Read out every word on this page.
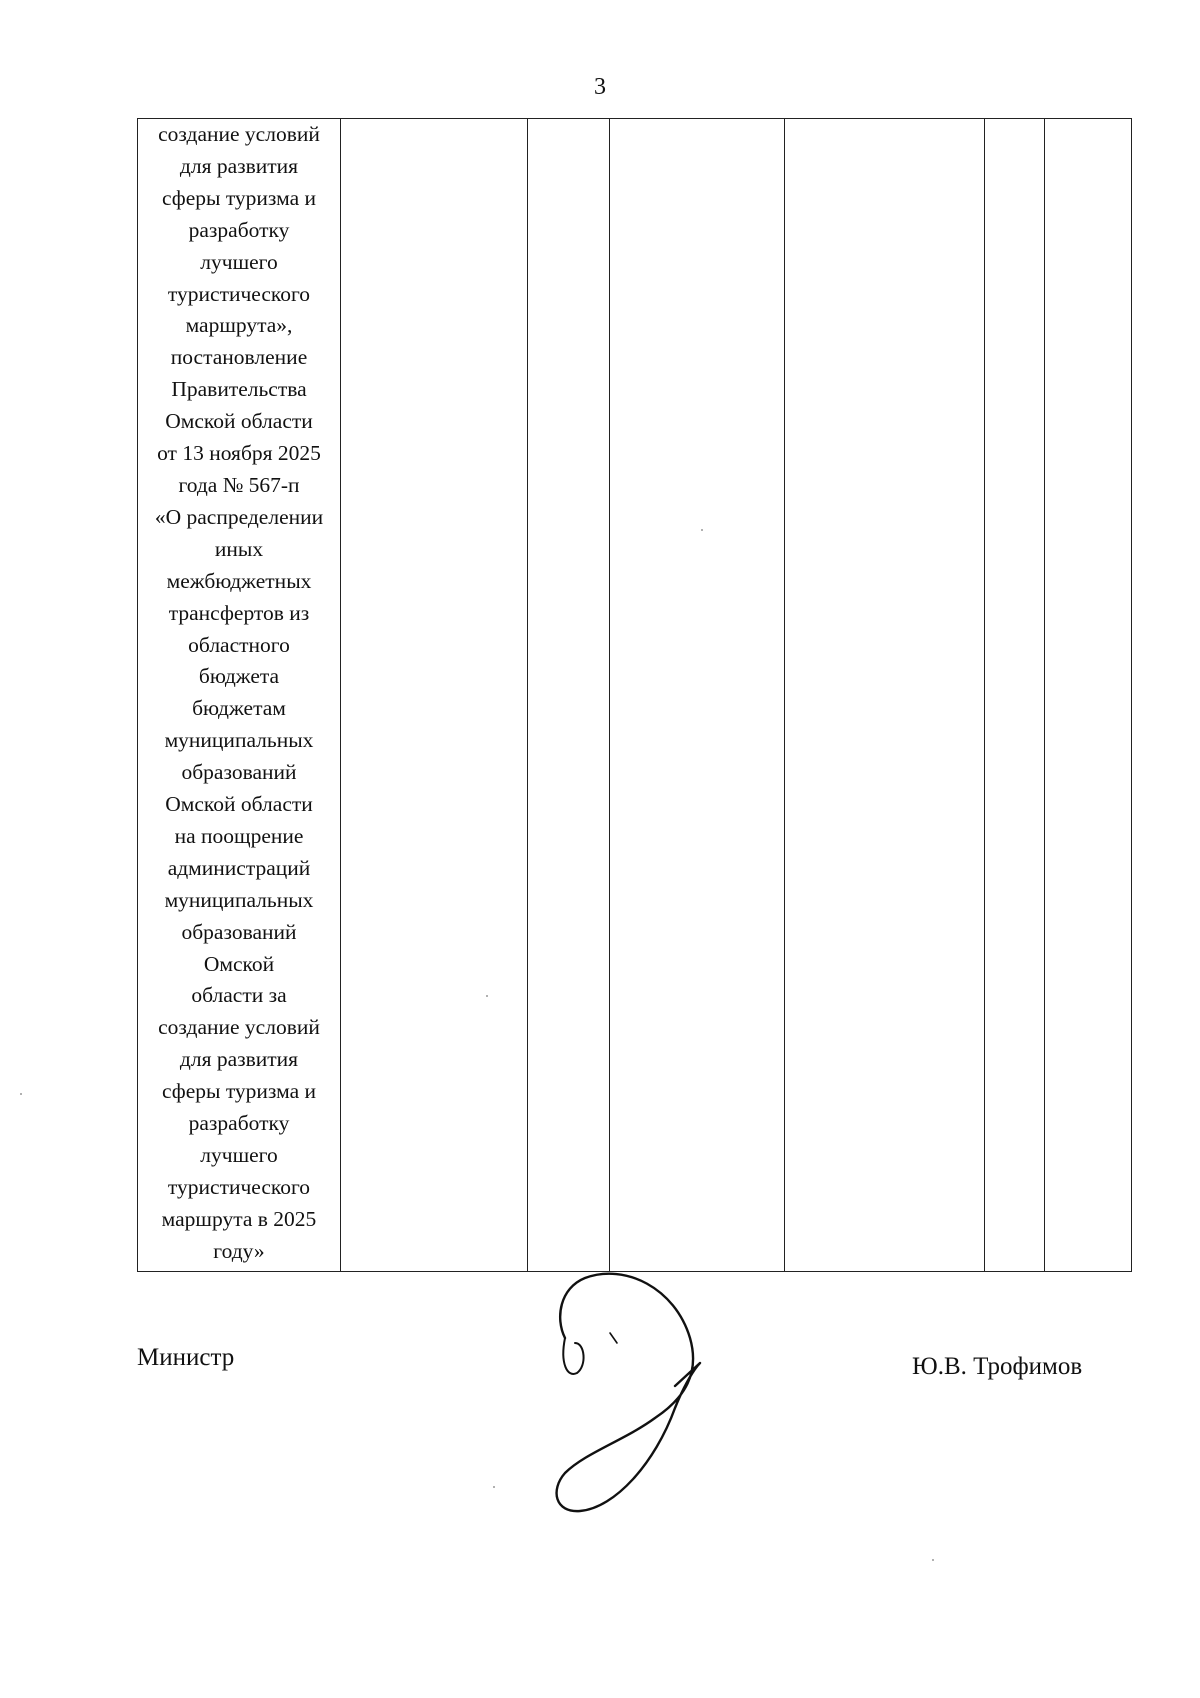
3
создание условий
для развития
сферы туризма и
разработку
лучшего
туристического
маршрута»,
постановление
Правительства
Омской области
от 13 ноября 2025
года № 567-п
«О распределении
иных
межбюджетных
трансфертов из
областного
бюджета
бюджетам
муниципальных
образований
Омской области
на поощрение
администраций
муниципальных
образований
Омской
области за
создание условий
для развития
сферы туризма и
разработку
лучшего
туристического
маршрута в 2025
году»

Министр	Ю.В. Трофимов
